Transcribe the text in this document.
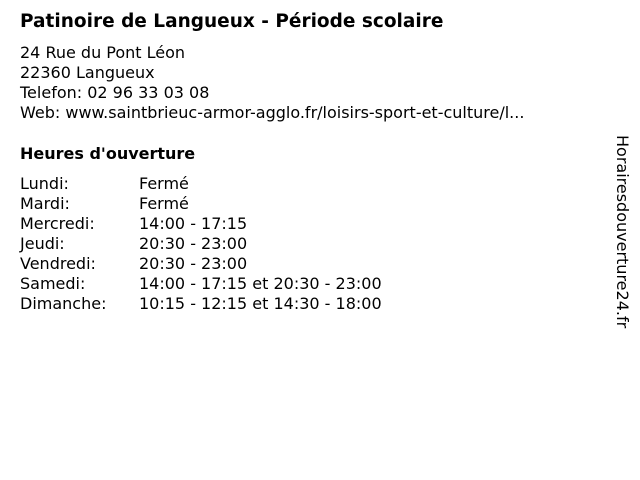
Patinoire de Langueux - Période scolaire
24 Rue du Pont Léon
22360 Langueux
Telefon: 02 96 33 03 08
Web: www.saintbrieuc-armor-agglo.fr/loisirs-sport-et-culture/l...
Heures d'ouverture
Lundi:	Fermé
Mardi:	Fermé
Mercredi:	14:00 - 17:15
Jeudi:	20:30 - 23:00
Vendredi:	20:30 - 23:00
Samedi:	14:00 - 17:15 et 20:30 - 23:00
Dimanche:	10:15 - 12:15 et 14:30 - 18:00	Horairesdouverture24.fr
